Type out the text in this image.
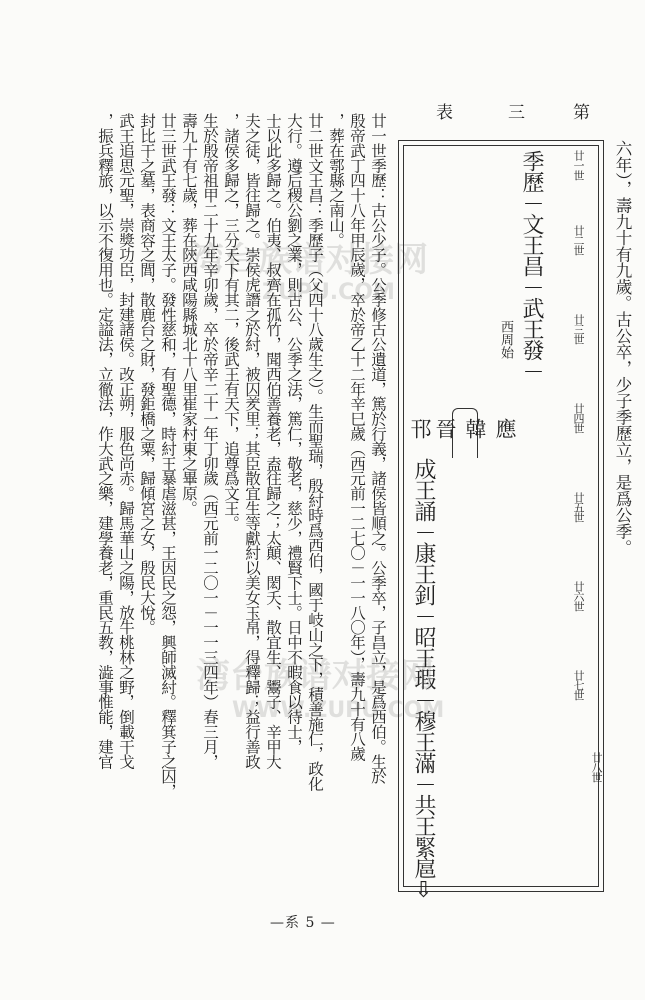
湾台族谱对接网
ZUPU.COM
湾台族谱对接网
WWW.ZUPU.COM
第
三
表
六年），壽九十有九歲。古公卒，少子季歷立，是爲公季。
廿一世
廿二世
廿三世
廿四世
廿五世
廿六世
廿七世
廿八世
季歷－文王昌－武王發－
西周始
成王誦－康王釗－昭王瑕－穆王滿－共王緊扈⇩
韓 應
晉
邗
廿一世季歷：古公少子。公季修古公遺道，篤於行義，諸侯皆順之。公季卒，子昌立，是爲西伯。生於
殷帝武丁四十八年甲辰歲，卒於帝乙十二年辛巳歲（西元前一二七〇－一一八〇年），壽九十有八歲
，葬在鄠縣之南山。
廿二世文王昌：季歷子（父四十八歲生之）。生而聖瑞，殷紂時爲西伯，國于岐山之下，積善施仁，政化
大行。遵后稷公劉之業，則古公、公季之法，篤仁，敬老，慈少，禮賢下士。日中不暇食以待士，
士以此多歸之。伯夷、叔齊在孤竹，聞西伯善養老，盍往歸之；太顛、閎夭、散宜生、鬻子、辛甲大
夫之徒，皆往歸之。崇侯虎譖之於紂，被囚羑里；其臣散宜生等獻紂以美女玉帛，得釋歸；益行善政
，諸侯多歸之，三分天下有其二，後武王有天下，追尊爲文王。
生於殷帝祖甲二十九年辛卯歲，卒於帝辛二十一年丁卯歲（西元前一二〇一－一一三四年）春三月，
壽九十有七歲，葬在陝西咸陽縣城北十八里崔家村東之畢原。
廿三世武王發：文王太子。發性慈和，有聖德，時紂王暴虐滋甚，王因民之怨，興師滅紂。釋箕子之囚，
封比干之墓，表商容之閭，散鹿台之財，發鉅橋之粟，歸傾宮之女，殷民大悅。
武王追思元聖，崇獎功臣，封建諸侯。改正朔，服色尚赤。歸馬華山之陽，放牛桃林之野，倒載干戈
，振兵釋旅，以示不復用也。定謚法，立徹法，作大武之樂，建學養老，重民五教，澁事惟能，建官
—系 5 —
